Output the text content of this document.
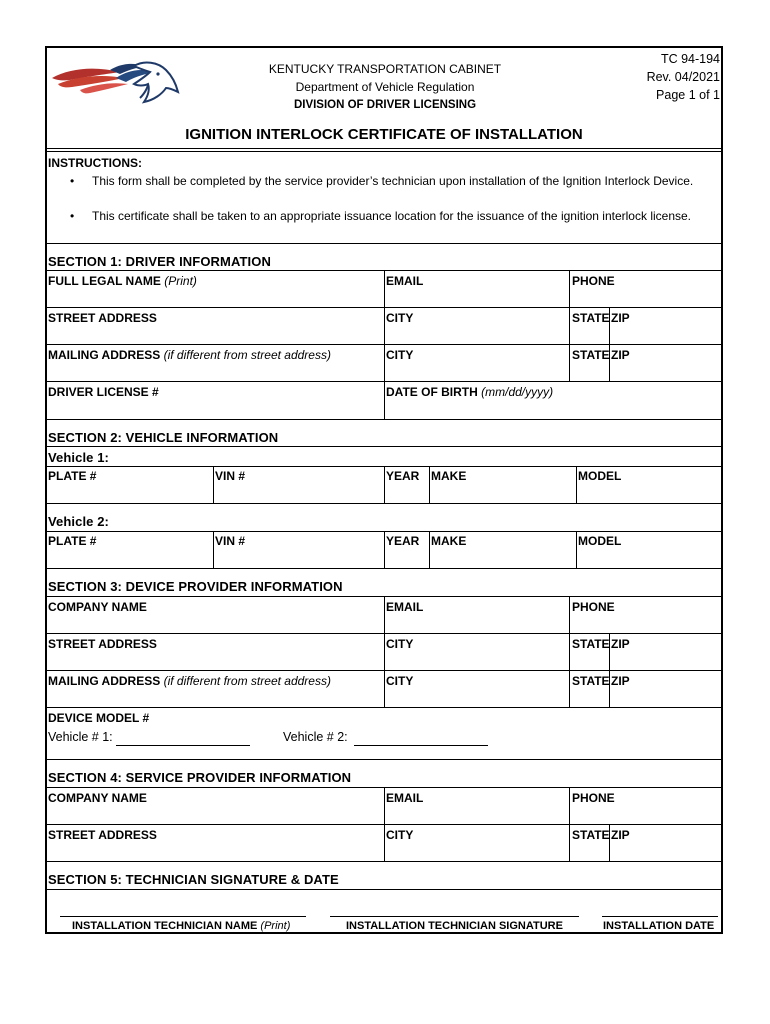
KENTUCKY TRANSPORTATION CABINET
Department of Vehicle Regulation
DIVISION OF DRIVER LICENSING
TC 94-194
Rev. 04/2021
Page 1 of 1
IGNITION INTERLOCK CERTIFICATE OF INSTALLATION
INSTRUCTIONS:
• This form shall be completed by the service provider’s technician upon installation of the Ignition Interlock Device.
• This certificate shall be taken to an appropriate issuance location for the issuance of the ignition interlock license.
SECTION 1: DRIVER INFORMATION
FULL LEGAL NAME (Print)	EMAIL	PHONE
STREET ADDRESS	CITY	STATE ZIP
MAILING ADDRESS (if different from street address)	CITY	STATE ZIP
DRIVER LICENSE #	DATE OF BIRTH (mm/dd/yyyy)
SECTION 2: VEHICLE INFORMATION
Vehicle 1:
PLATE #	VIN #	YEAR MAKE	MODEL
Vehicle 2:
PLATE #	VIN #	YEAR MAKE	MODEL
SECTION 3: DEVICE PROVIDER INFORMATION
COMPANY NAME	EMAIL	PHONE
STREET ADDRESS	CITY	STATE ZIP
MAILING ADDRESS (if different from street address)	CITY	STATE ZIP
DEVICE MODEL #
Vehicle # 1:	Vehicle # 2:
SECTION 4: SERVICE PROVIDER INFORMATION
COMPANY NAME	EMAIL	PHONE
STREET ADDRESS	CITY	STATE ZIP
SECTION 5: TECHNICIAN SIGNATURE & DATE
INSTALLATION TECHNICIAN NAME (Print)	INSTALLATION TECHNICIAN SIGNATURE	INSTALLATION DATE
